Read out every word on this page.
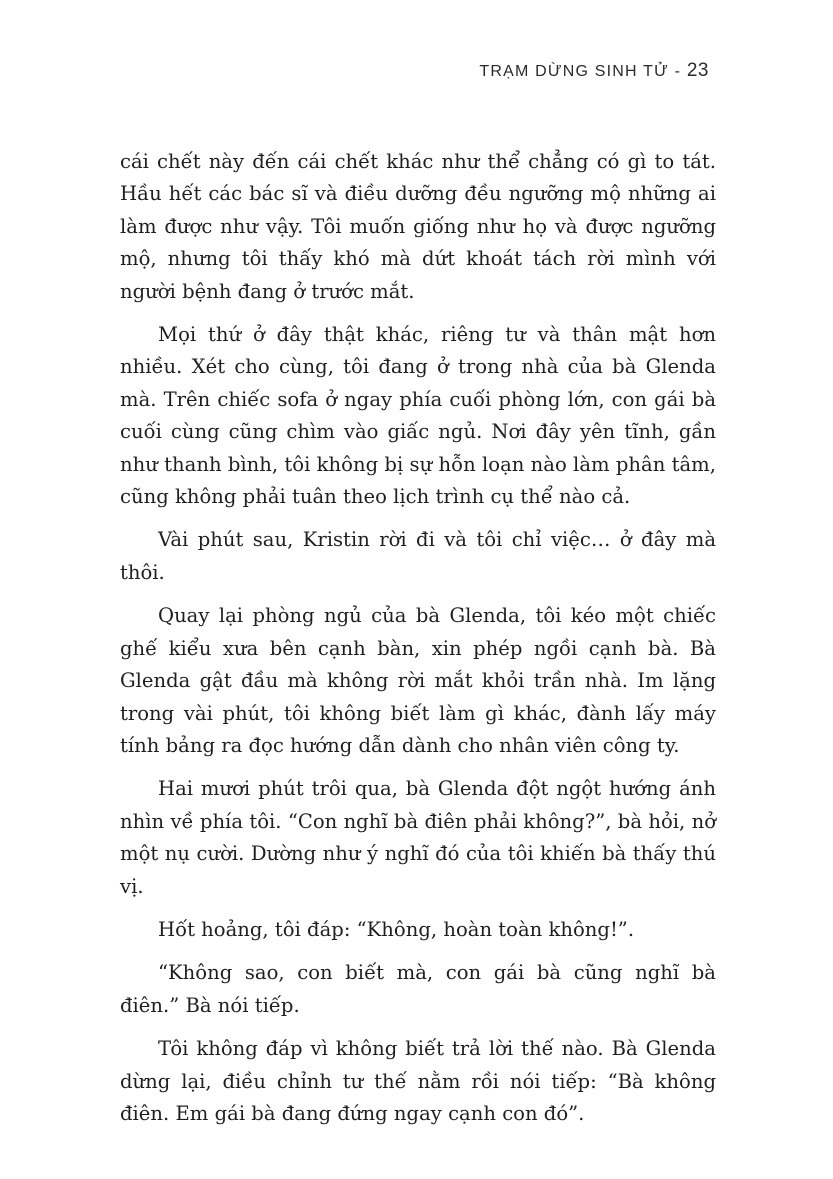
TRẠM DỪNG SINH TỬ - 23

cái chết này đến cái chết khác như thể chẳng có gì to tát. Hầu hết các bác sĩ và điều dưỡng đều ngưỡng mộ những ai làm được như vậy. Tôi muốn giống như họ và được ngưỡng mộ, nhưng tôi thấy khó mà dứt khoát tách rời mình với người bệnh đang ở trước mắt.

Mọi thứ ở đây thật khác, riêng tư và thân mật hơn nhiều. Xét cho cùng, tôi đang ở trong nhà của bà Glenda mà. Trên chiếc sofa ở ngay phía cuối phòng lớn, con gái bà cuối cùng cũng chìm vào giấc ngủ. Nơi đây yên tĩnh, gần như thanh bình, tôi không bị sự hỗn loạn nào làm phân tâm, cũng không phải tuân theo lịch trình cụ thể nào cả.

Vài phút sau, Kristin rời đi và tôi chỉ việc… ở đây mà thôi.

Quay lại phòng ngủ của bà Glenda, tôi kéo một chiếc ghế kiểu xưa bên cạnh bàn, xin phép ngồi cạnh bà. Bà Glenda gật đầu mà không rời mắt khỏi trần nhà. Im lặng trong vài phút, tôi không biết làm gì khác, đành lấy máy tính bảng ra đọc hướng dẫn dành cho nhân viên công ty.

Hai mươi phút trôi qua, bà Glenda đột ngột hướng ánh nhìn về phía tôi. “Con nghĩ bà điên phải không?”, bà hỏi, nở một nụ cười. Dường như ý nghĩ đó của tôi khiến bà thấy thú vị.

Hốt hoảng, tôi đáp: “Không, hoàn toàn không!”.

“Không sao, con biết mà, con gái bà cũng nghĩ bà điên.” Bà nói tiếp.

Tôi không đáp vì không biết trả lời thế nào. Bà Glenda dừng lại, điều chỉnh tư thế nằm rồi nói tiếp: “Bà không điên. Em gái bà đang đứng ngay cạnh con đó”.
